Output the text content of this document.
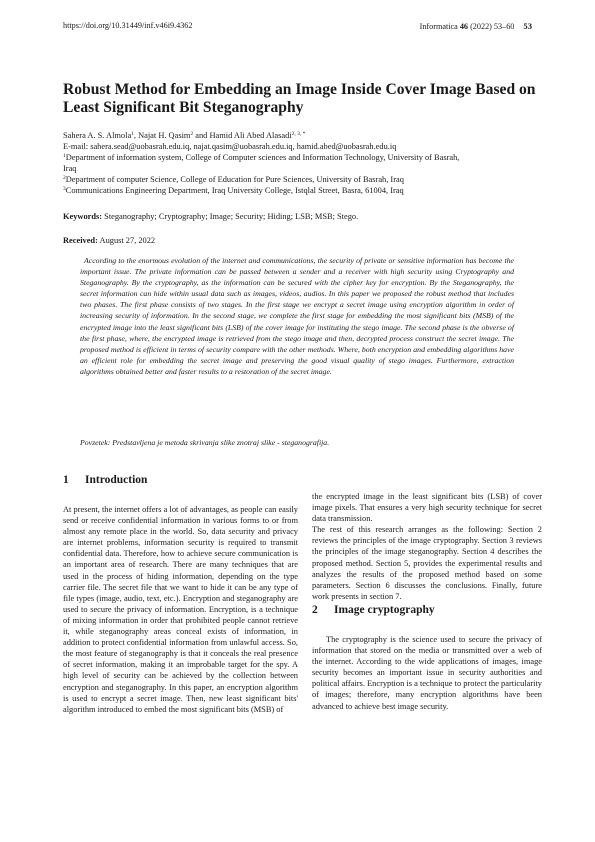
https://doi.org/10.31449/inf.v46i9.4362	Informatica 46 (2022) 53–60 53
Robust Method for Embedding an Image Inside Cover Image Based on Least Significant Bit Steganography
Sahera A. S. Almola$^1$, Najat H. Qasim$^2$ and Hamid Ali Abed Alasadi$^{2, 3, *}$
E-mail: sahera.sead@uobasrah.edu.iq, najat.qasim@uobasrah.edu.iq, hamid.abed@uobasrah.edu.iq
$^1$Department of information system, College of Computer sciences and Information Technology, University of Basrah,
Iraq
$^2$Department of computer Science, College of Education for Pure Sciences, University of Basrah, Iraq
$^3$Communications Engineering Department, Iraq University College, Istqlal Street, Basra, 61004, Iraq
Keywords: Steganography; Cryptography; Image; Security; Hiding; LSB; MSB; Stego.
Received: August 27, 2022

According to the enormous evolution of the internet and communications, the security of private or sensitive information has become the important issue. The private information can be passed between a sender and a receiver with high security using Cryptography and Steganography. By the cryptography, as the information can be secured with the cipher key for encryption. By the Steganography, the secret information can hide within usual data such as images, videos, audios. In this paper we proposed the robust method that includes two phases. The first phase consists of two stages. In the first stage we encrypt a secret image using encryption algorithm in order of increasing security of information. In the second stage, we complete the first stage for embedding the most significant bits (MSB) of the encrypted image into the least significant bits (LSB) of the cover image for instituting the stego image. The second phase is the obverse of the first phase, where, the encrypted image is retrieved from the stego image and then, decrypted process construct the secret image. The proposed method is efficient in terms of security compare with the other methods. Where, both encryption and embedding algorithms have an efficient role for embedding the secret image and preserving the good visual quality of stego images. Furthermore, extraction algorithms obtained better and faster results to a restoration of the secret image.

Povzetek: Predstavljena je metoda skrivanja slike znotraj slike - steganografija.

1 Introduction

At present, the internet offers a lot of advantages, as people can easily send or receive confidential information in various forms to or from almost any remote place in the world. So, data security and privacy are internet problems, information security is required to transmit confidential data. Therefore, how to achieve secure communication is an important area of research. There are many techniques that are used in the process of hiding information, depending on the type carrier file. The secret file that we want to hide it can be any type of file types (image, audio, text, etc.). Encryption and steganography are used to secure the privacy of information. Encryption, is a technique of mixing information in order that prohibited people cannot retrieve it, while steganography areas conceal exists of information, in addition to protect confidential information from unlawful access. So, the most feature of steganography is that it conceals the real presence of secret information, making it an improbable target for the spy. A high level of security can be achieved by the collection between encryption and steganography. In this paper, an encryption algorithm is used to encrypt a secret image. Then, new least significant bits' algorithm introduced to embed the most significant bits (MSB) of

the encrypted image in the least significant bits (LSB) of cover image pixels. That ensures a very high security technique for secret data transmission.

The rest of this research arranges as the following: Section 2 reviews the principles of the image cryptography. Section 3 reviews the principles of the image steganography. Section 4 describes the proposed method. Section 5, provides the experimental results and analyzes the results of the proposed method based on some parameters. Section 6 discusses the conclusions. Finally, future work presents in section 7.

2 Image cryptography

The cryptography is the science used to secure the privacy of information that stored on the media or transmitted over a web of the internet. According to the wide applications of images, image security becomes an important issue in security authorities and political affairs. Encryption is a technique to protect the particularity of images; therefore, many encryption algorithms have been advanced to achieve best image security.
